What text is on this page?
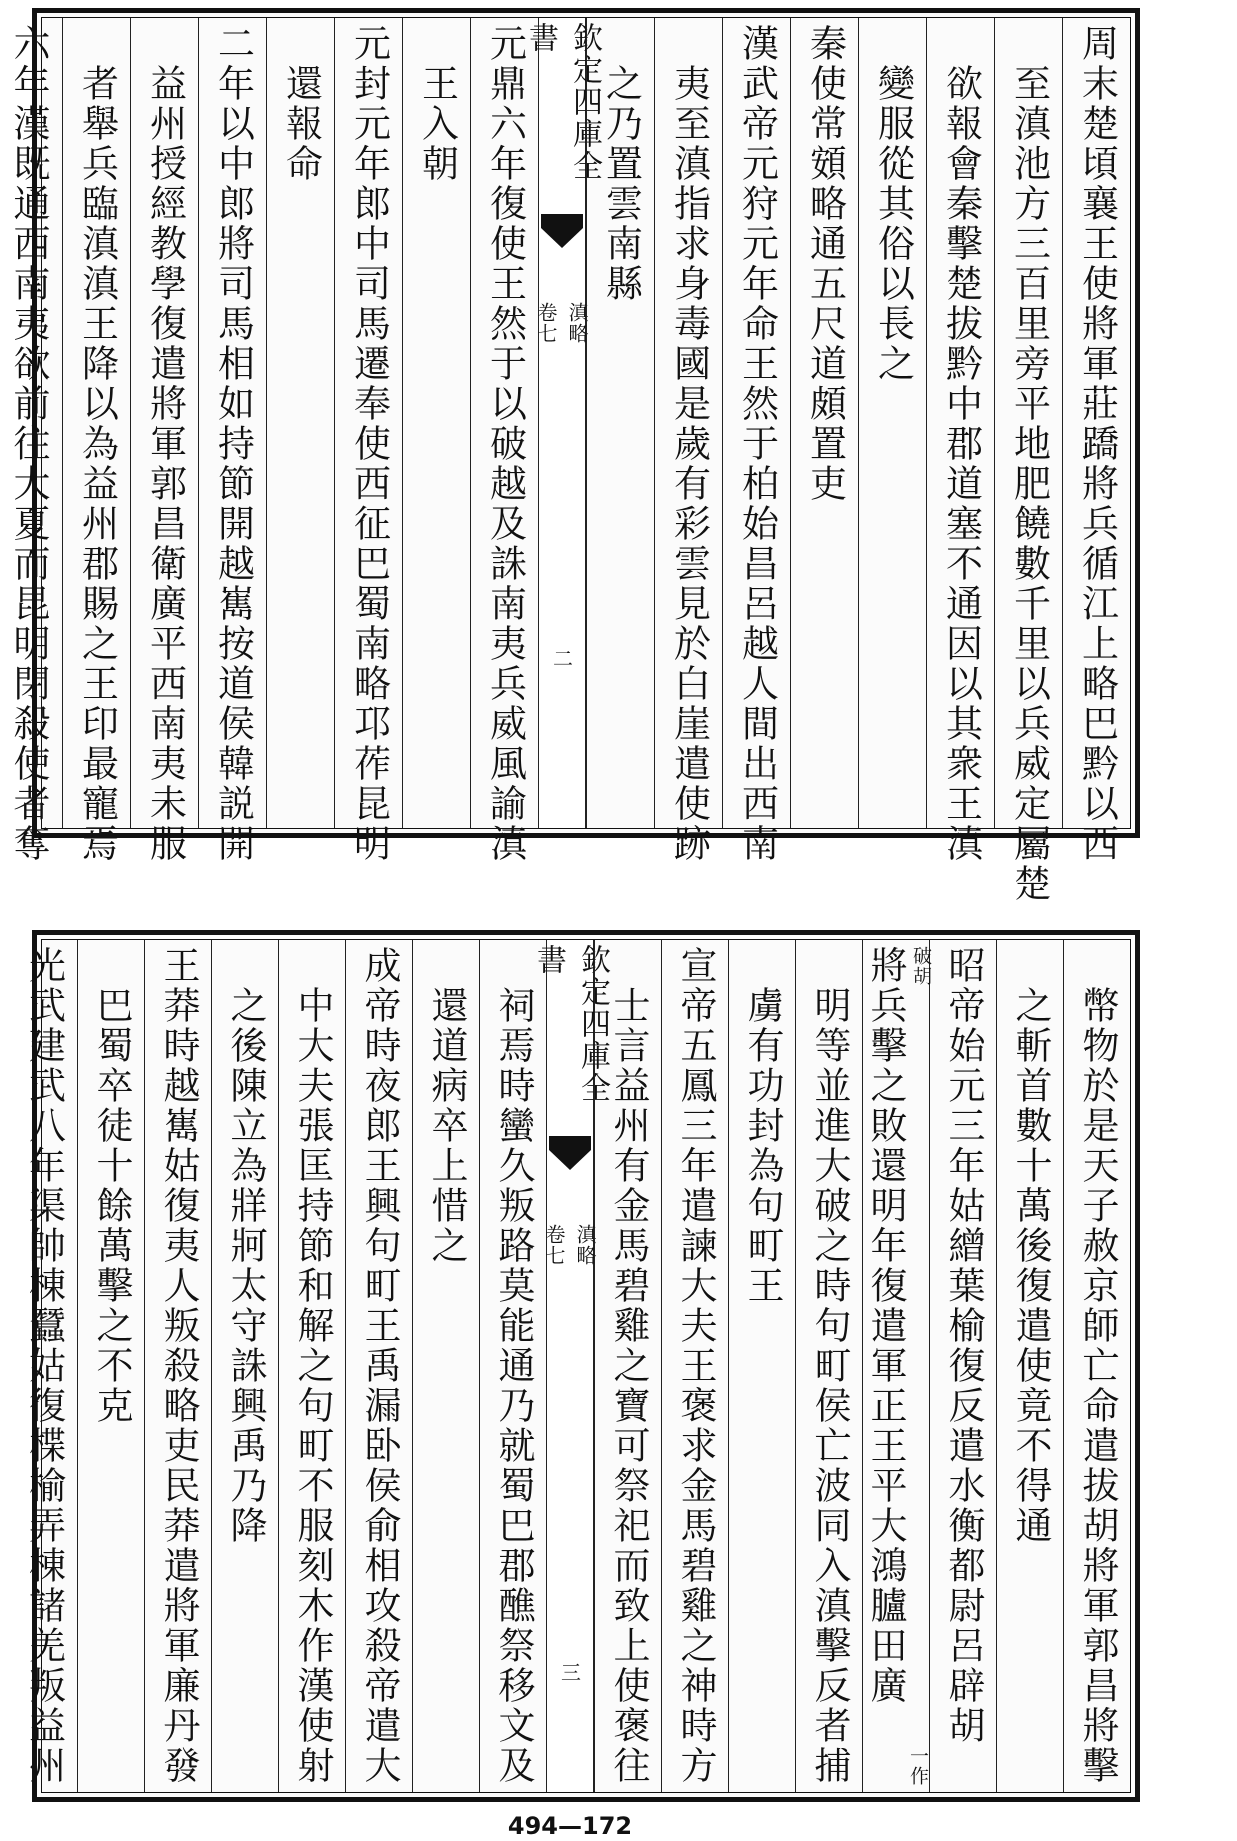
周末楚頃襄王使將軍莊蹻將兵循江上略巴黔以西
至滇池方三百里旁平地肥饒數千里以兵威定屬楚
欲報會秦擊楚拔黔中郡道塞不通因以其衆王滇
變服從其俗以長之
秦使常頞略通五尺道頗置吏
漢武帝元狩元年命王然于柏始昌呂越人間出西南
夷至滇指求身毒國是歲有彩雲見於白崖遣使跡
之乃置雲南縣
欽定四庫全書
滇略
卷七
二
元鼎六年復使王然于以破越及誅南夷兵威風諭滇
王入朝
元封元年郎中司馬遷奉使西征巴蜀南略邛莋昆明
還報命
二年以中郎將司馬相如持節開越嶲按道侯韓説開
益州授經教學復遣將軍郭昌衛廣平西南夷未服
者舉兵臨滇滇王降以為益州郡賜之王印最寵焉
六年漢既通西南夷欲前往大夏而昆明閉殺使者奪
幣物於是天子赦京師亡命遣拔胡將軍郭昌將擊
之斬首數十萬後復遣使竟不得通
昭帝始元三年姑繒葉榆復反遣水衡都尉呂辟胡
破胡
將兵擊之敗還明年復遣軍正王平大鴻臚田廣
一作
明等並進大破之時句町侯亡波同入滇擊反者捕
虜有功封為句町王
宣帝五鳳三年遣諫大夫王褒求金馬碧雞之神時方
士言益州有金馬碧雞之寶可祭祀而致上使褒往
欽定四庫全書
滇略
卷七
三
祠焉時蠻久叛路莫能通乃就蜀巴郡醮祭移文及
還道病卒上惜之
成帝時夜郎王興句町王禹漏卧侯俞相攻殺帝遣大
中大夫張匡持節和解之句町不服刻木作漢使射
之後陳立為牂牁太守誅興禹乃降
王莽時越嶲姑復夷人叛殺略吏民莽遣將軍廉丹發
巴蜀卒徒十餘萬擊之不克
光武建武八年渠帥棟蠶姑復楪榆弄棟諸羌叛益州
494—172
